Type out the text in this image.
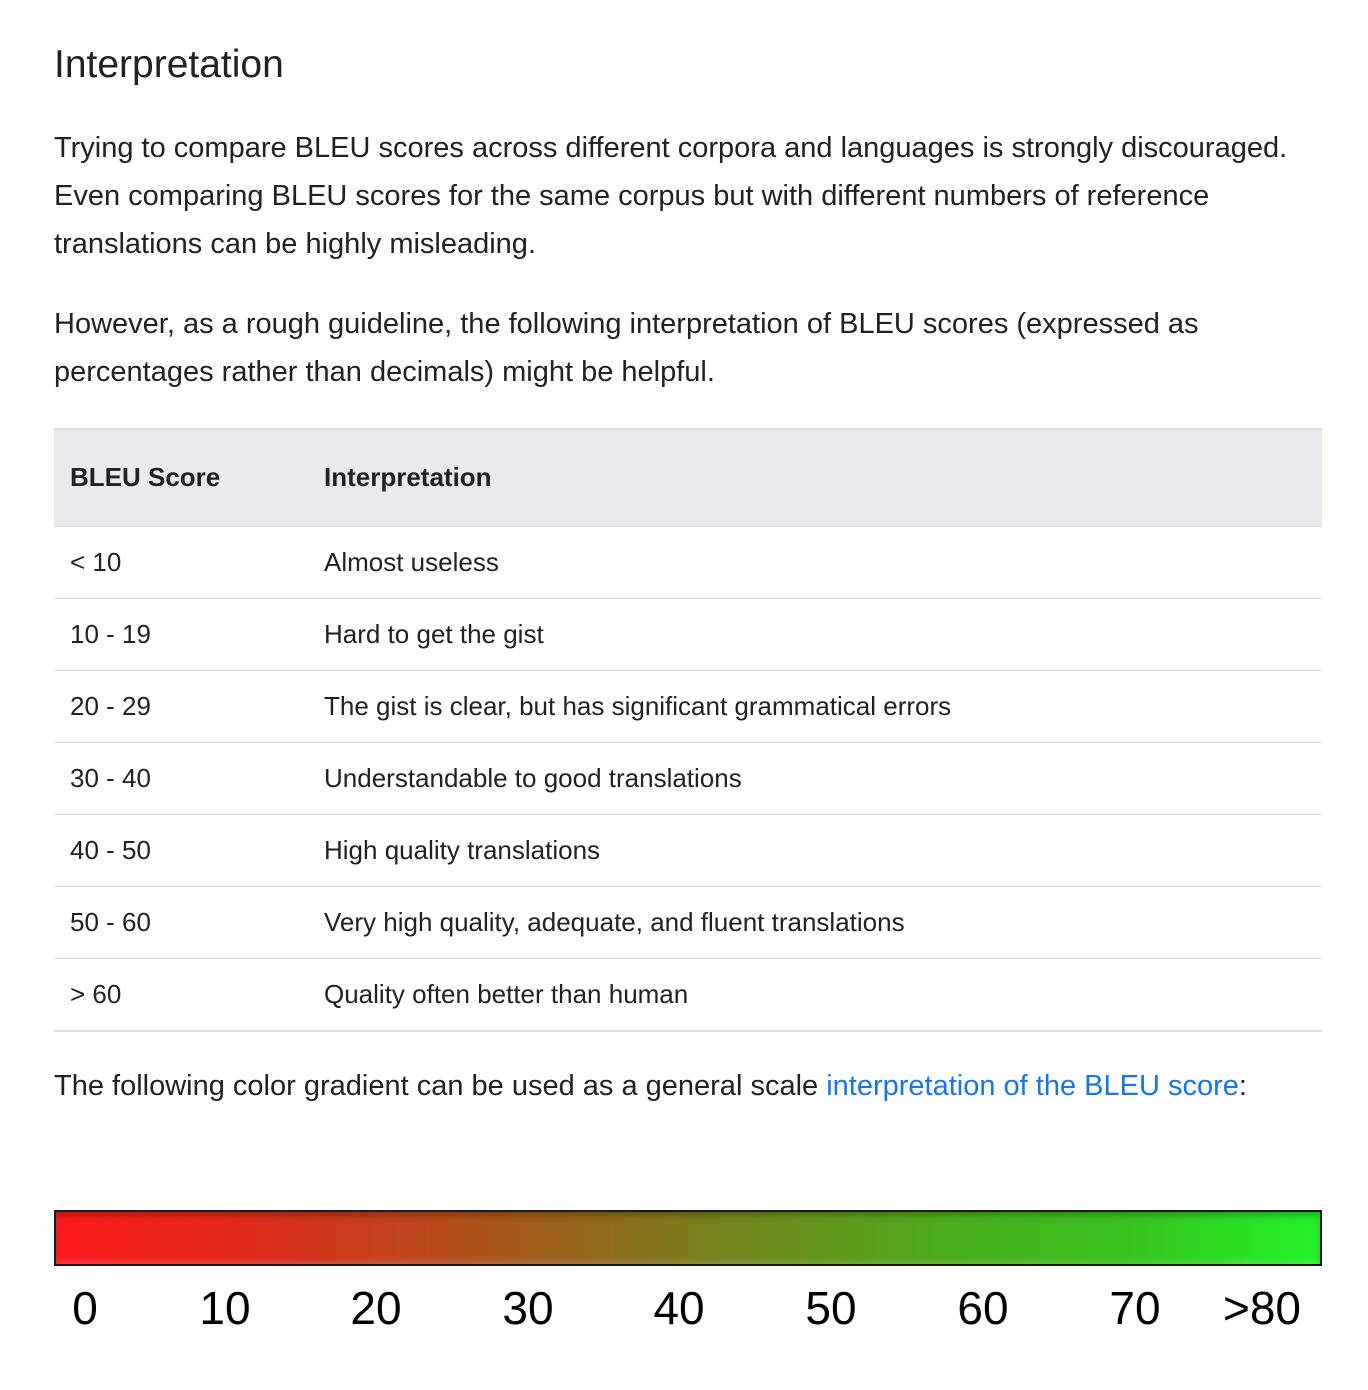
Interpretation

Trying to compare BLEU scores across different corpora and languages is strongly discouraged. Even comparing BLEU scores for the same corpus but with different numbers of reference translations can be highly misleading.

However, as a rough guideline, the following interpretation of BLEU scores (expressed as percentages rather than decimals) might be helpful.

BLEU Score	Interpretation
< 10	Almost useless
10 - 19	Hard to get the gist
20 - 29	The gist is clear, but has significant grammatical errors
30 - 40	Understandable to good translations
40 - 50	High quality translations
50 - 60	Very high quality, adequate, and fluent translations
> 60	Quality often better than human

The following color gradient can be used as a general scale interpretation of the BLEU score:

0 10 20 30 40 50 60 70 >80
